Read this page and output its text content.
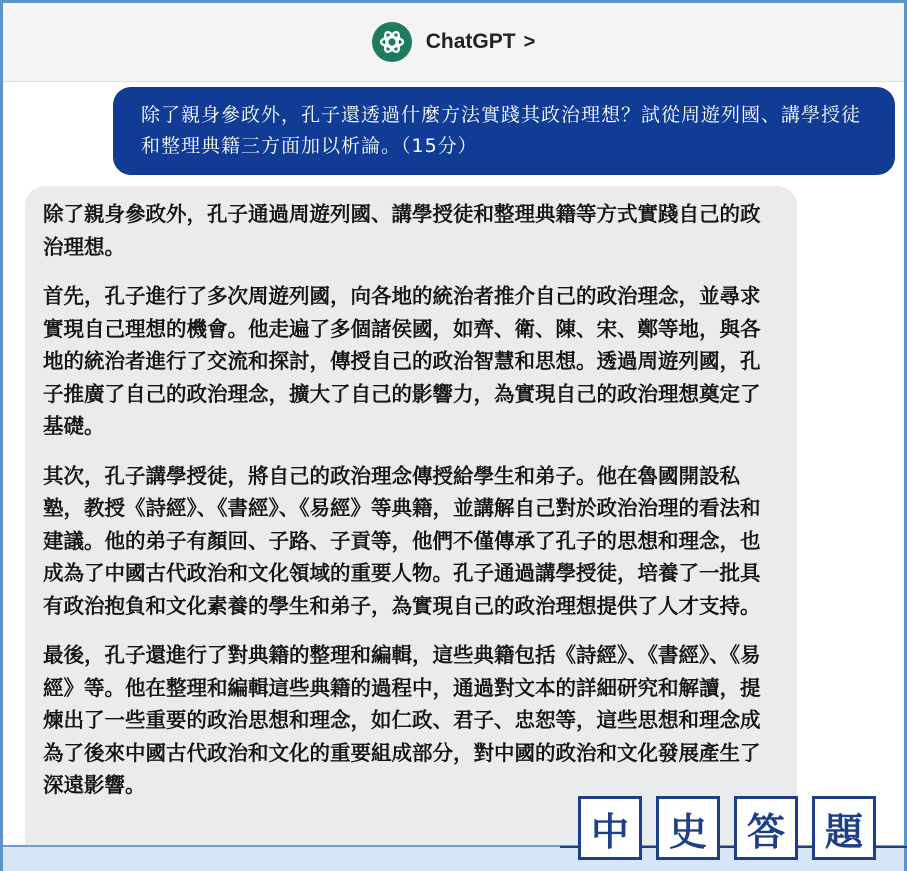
ChatGPT >
除了親身參政外，孔子還透過什麼方法實踐其政治理想？試從周遊列國、講學授徒和整理典籍三方面加以析論。（15分）

除了親身參政外，孔子通過周遊列國、講學授徒和整理典籍等方式實踐自己的政治理想。

首先，孔子進行了多次周遊列國，向各地的統治者推介自己的政治理念，並尋求實現自己理想的機會。他走遍了多個諸侯國，如齊、衛、陳、宋、鄭等地，與各地的統治者進行了交流和探討，傳授自己的政治智慧和思想。透過周遊列國，孔子推廣了自己的政治理念，擴大了自己的影響力，為實現自己的政治理想奠定了基礎。

其次，孔子講學授徒，將自己的政治理念傳授給學生和弟子。他在魯國開設私塾，教授《詩經》、《書經》、《易經》等典籍，並講解自己對於政治治理的看法和建議。他的弟子有顏回、子路、子貢等，他們不僅傳承了孔子的思想和理念，也成為了中國古代政治和文化領域的重要人物。孔子通過講學授徒，培養了一批具有政治抱負和文化素養的學生和弟子，為實現自己的政治理想提供了人才支持。

最後，孔子還進行了對典籍的整理和編輯，這些典籍包括《詩經》、《書經》、《易經》等。他在整理和編輯這些典籍的過程中，通過對文本的詳細研究和解讀，提煉出了一些重要的政治思想和理念，如仁政、君子、忠恕等，這些思想和理念成為了後來中國古代政治和文化的重要組成部分，對中國的政治和文化發展產生了深遠影響。

中	史	答	題
